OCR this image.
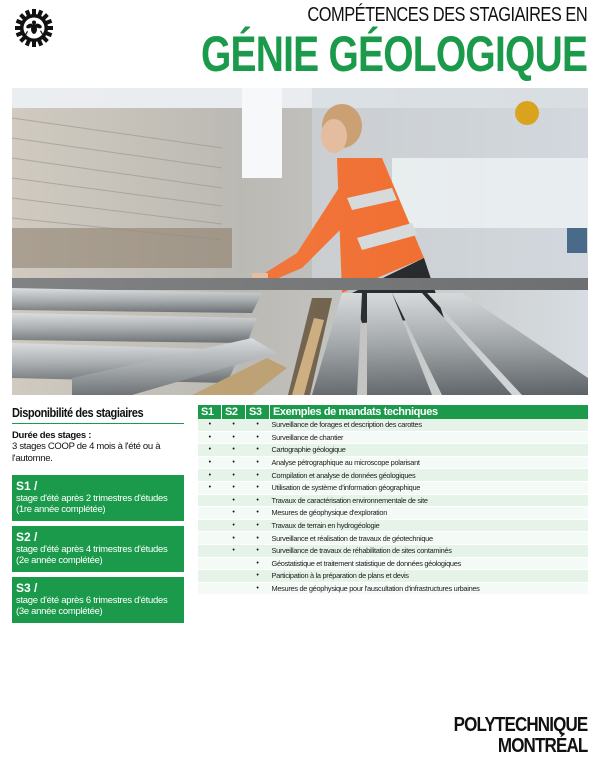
COMPÉTENCES DES STAGIAIRES EN
GÉNIE GÉOLOGIQUE
Disponibilité des stagiaires
Durée des stages :
3 stages COOP de 4 mois à l'été ou à l'automne.
S1 /
stage d'été après 2 trimestres d'études
(1re année complétée)
S2 /
stage d'été après 4 trimestres d'études
(2e année complétée)
S3 /
stage d'été après 6 trimestres d'études
(3e année complétée)
S1	S2	S3	Exemples de mandats techniques
•	•	•	Surveillance de forages et description des carottes
•	•	•	Surveillance de chantier
•	•	•	Cartographie géologique
•	•	•	Analyse pétrographique au microscope polarisant
•	•	•	Compilation et analyse de données géologiques
•	•	•	Utilisation de système d'information géographique
	•	•	Travaux de caractérisation environnementale de site
	•	•	Mesures de géophysique d'exploration
	•	•	Travaux de terrain en hydrogéologie
	•	•	Surveillance et réalisation de travaux de géotechnique
	•	•	Surveillance de travaux de réhabilitation de sites contaminés
		•	Géostatistique et traitement statistique de données géologiques
		•	Participation à la préparation de plans et devis
		•	Mesures de géophysique pour l'auscultation d'infrastructures urbaines
POLYTECHNIQUE
MONTRÉAL
